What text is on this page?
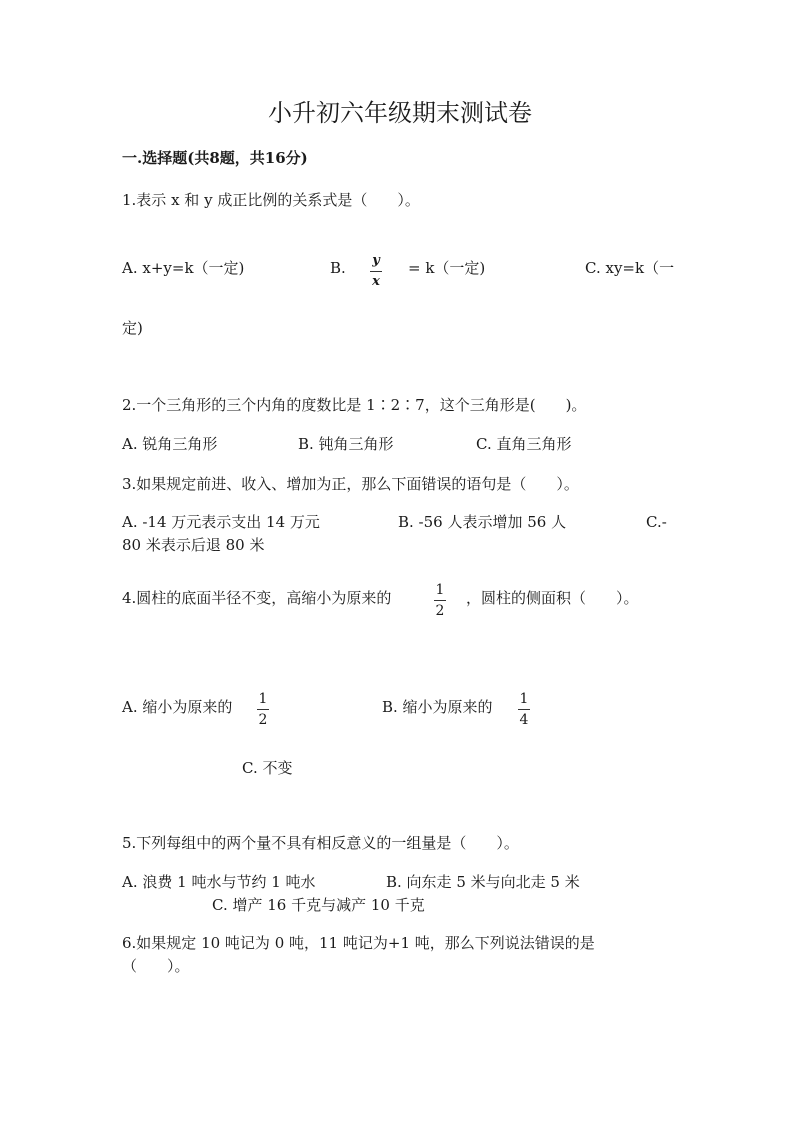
小升初六年级期末测试卷
一.选择题(共8题，共16分)
1.表示 x 和 y 成正比例的关系式是（　　）。
A. x+y=k（一定)	B. y
x
= k（一定)	C. xy=k（一
定)
2.一个三角形的三个内角的度数比是 1∶2∶7，这个三角形是(　　)。
A. 锐角三角形	B. 钝角三角形	C. 直角三角形
3.如果规定前进、收入、增加为正，那么下面错误的语句是（　　）。
A. -14 万元表示支出 14 万元	B. -56 人表示增加 56 人	C.-
80 米表示后退 80 米
4.圆柱的底面半径不变，高缩小为原来的	1
2
，圆柱的侧面积（　　）。
A. 缩小为原来的 1
2
B. 缩小为原来的 1
4
C. 不变
5.下列每组中的两个量不具有相反意义的一组量是（　　）。
A. 浪费 1 吨水与节约 1 吨水	B. 向东走 5 米与向北走 5 米
C. 增产 16 千克与减产 10 千克
6.如果规定 10 吨记为 0 吨，11 吨记为+1 吨，那么下列说法错误的是
（　　）。
